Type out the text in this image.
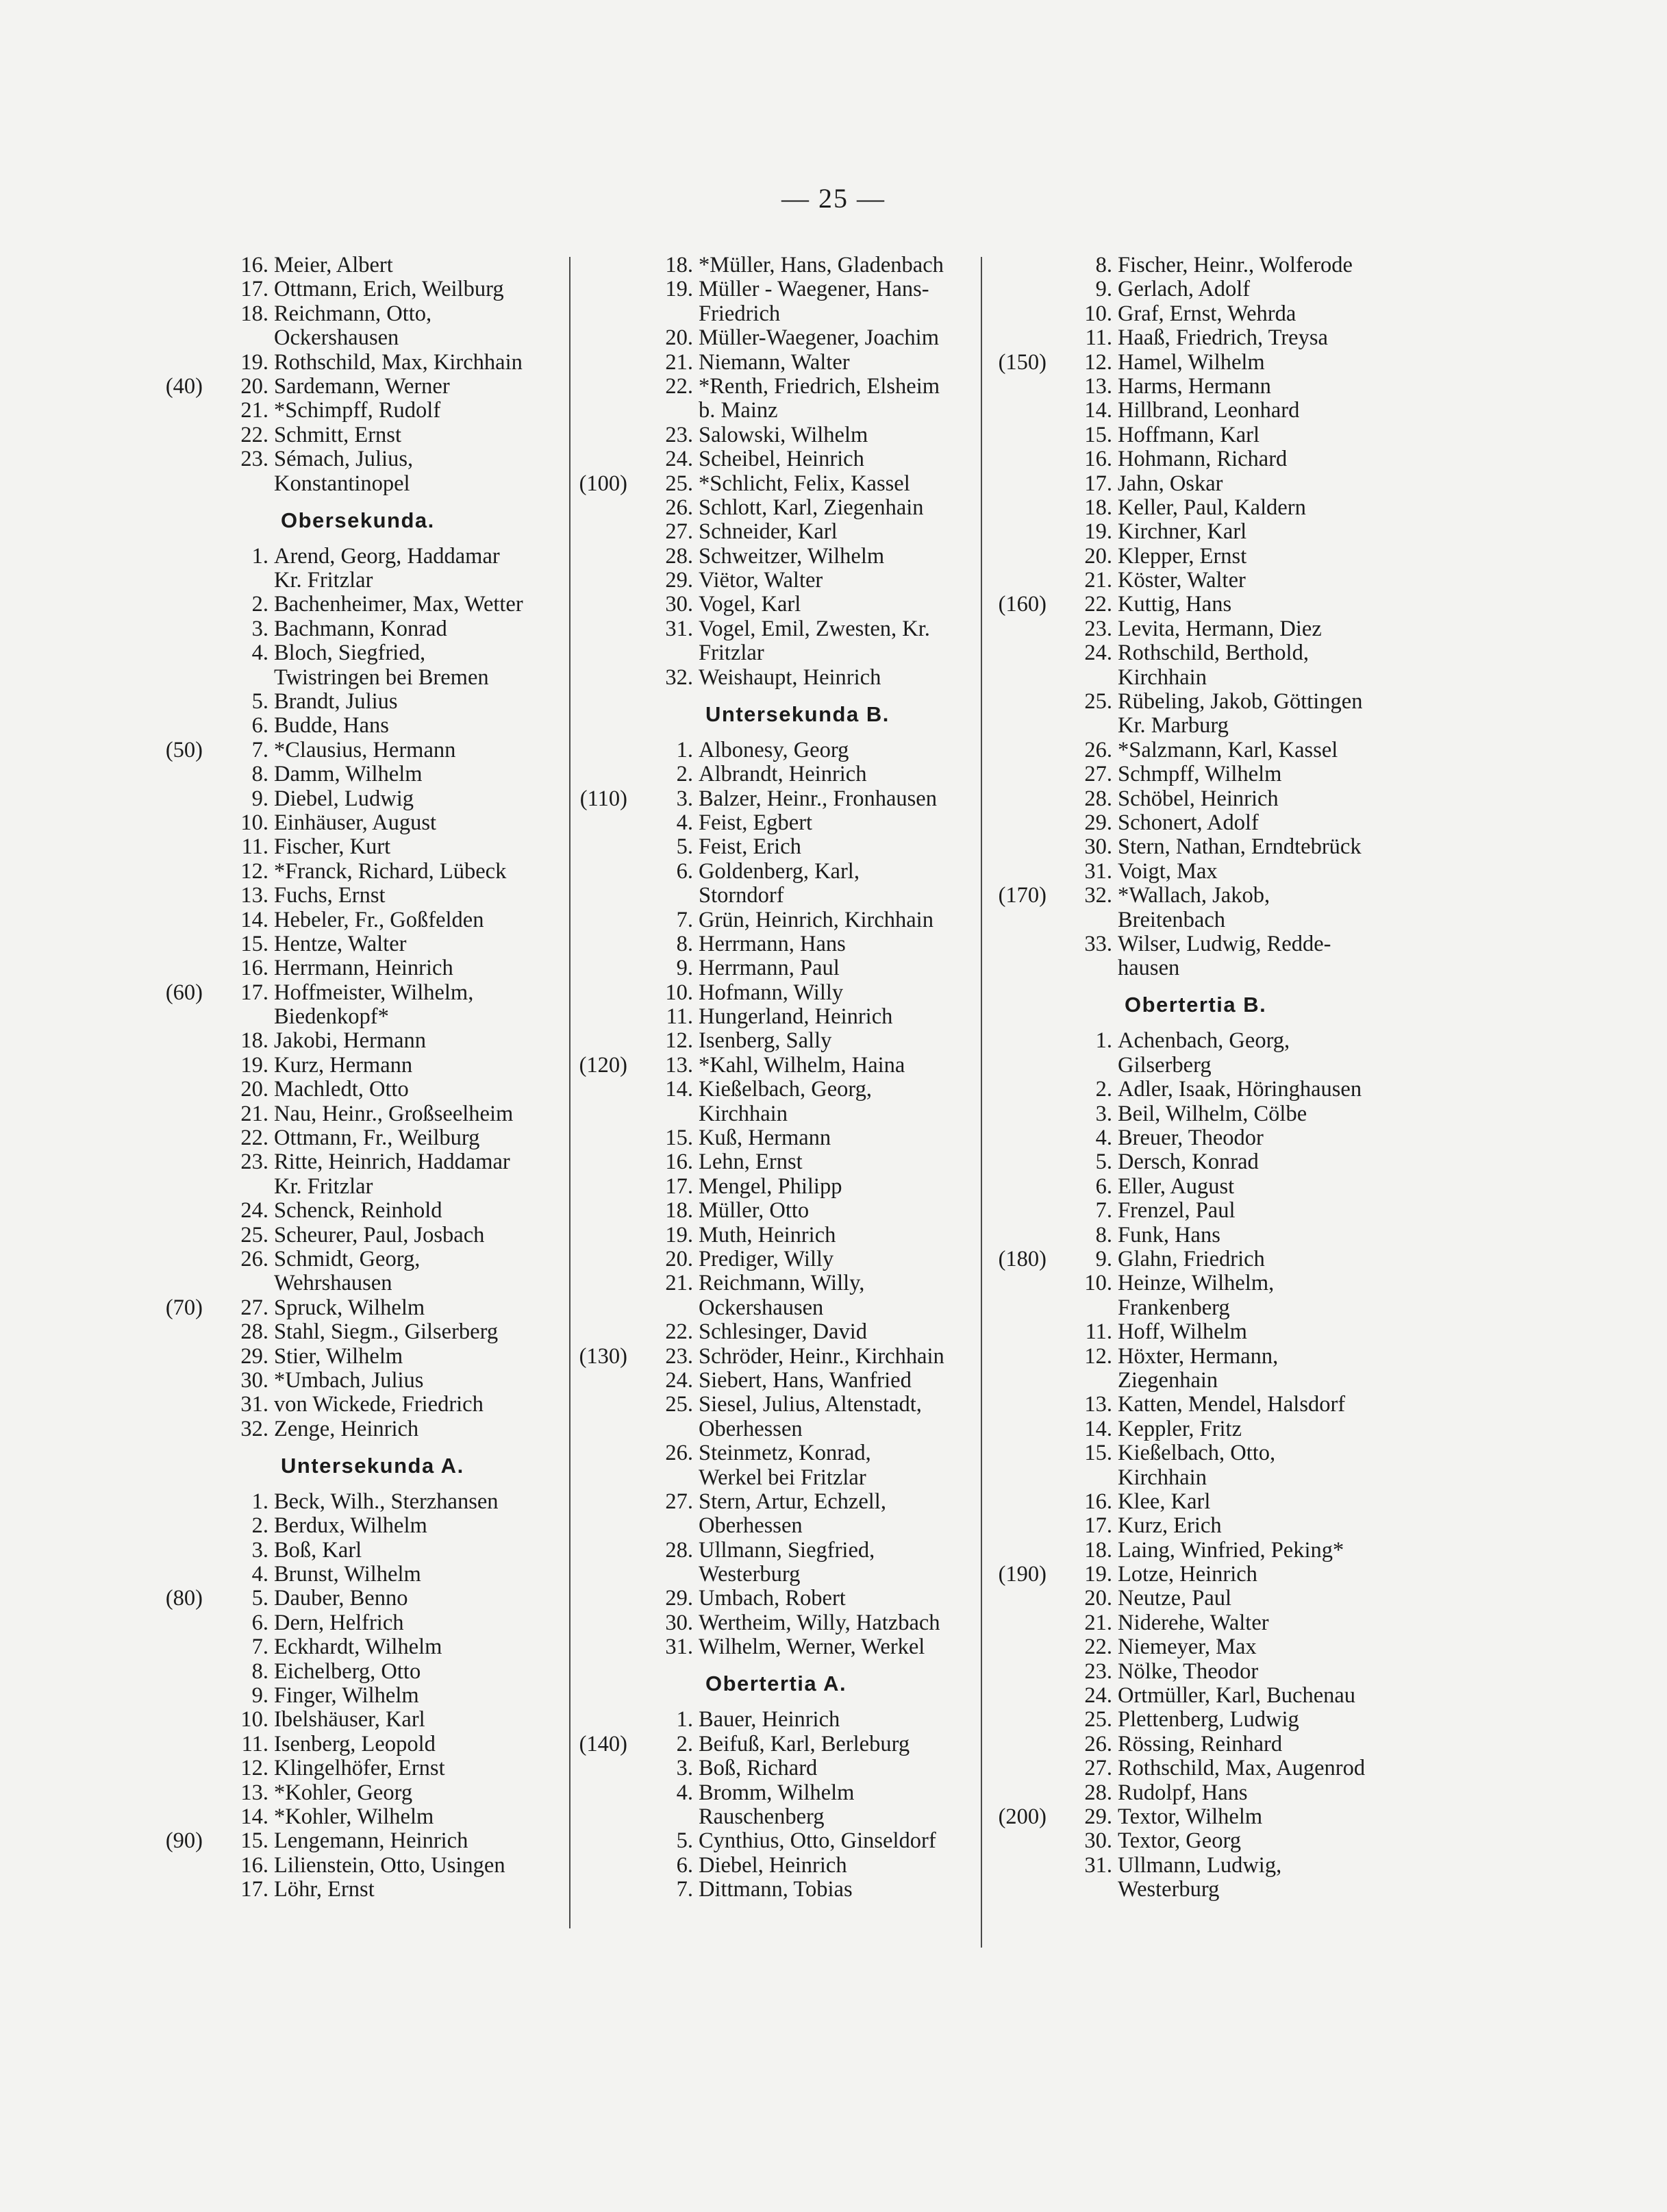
— 25 —
16. Meier, Albert
17. Ottmann, Erich, Weilburg
18. Reichmann, Otto,
Ockershausen
19. Rothschild, Max, Kirchhain
(40)	20. Sardemann, Werner
21. *Schimpff, Rudolf
22. Schmitt, Ernst
23. Sémach, Julius,
Konstantinopel
Obersekunda.
1. Arend, Georg, Haddamar
Kr. Fritzlar
2. Bachenheimer, Max, Wetter
3. Bachmann, Konrad
4. Bloch, Siegfried,
Twistringen bei Bremen
5. Brandt, Julius
6. Budde, Hans
(50)	7. *Clausius, Hermann
8. Damm, Wilhelm
9. Diebel, Ludwig
10. Einhäuser, August
11. Fischer, Kurt
12. *Franck, Richard, Lübeck
13. Fuchs, Ernst
14. Hebeler, Fr., Goßfelden
15. Hentze, Walter
16. Herrmann, Heinrich
(60)	17. Hoffmeister, Wilhelm,
Biedenkopf*
18. Jakobi, Hermann
19. Kurz, Hermann
20. Machledt, Otto
21. Nau, Heinr., Großseelheim
22. Ottmann, Fr., Weilburg
23. Ritte, Heinrich, Haddamar
Kr. Fritzlar
24. Schenck, Reinhold
25. Scheurer, Paul, Josbach
26. Schmidt, Georg,
Wehrshausen
(70)	27. Spruck, Wilhelm
28. Stahl, Siegm., Gilserberg
29. Stier, Wilhelm
30. *Umbach, Julius
31. von Wickede, Friedrich
32. Zenge, Heinrich
Untersekunda A.
1. Beck, Wilh., Sterzhansen
2. Berdux, Wilhelm
3. Boß, Karl
4. Brunst, Wilhelm
(80)	5. Dauber, Benno
6. Dern, Helfrich
7. Eckhardt, Wilhelm
8. Eichelberg, Otto
9. Finger, Wilhelm
10. Ibelshäuser, Karl
11. Isenberg, Leopold
12. Klingelhöfer, Ernst
13. *Kohler, Georg
14. *Kohler, Wilhelm
(90)	15. Lengemann, Heinrich
16. Lilienstein, Otto, Usingen
17. Löhr, Ernst
18. *Müller, Hans, Gladenbach
19. Müller - Waegener, Hans-
Friedrich
20. Müller-Waegener, Joachim
21. Niemann, Walter
22. *Renth, Friedrich, Elsheim
b. Mainz
23. Salowski, Wilhelm
24. Scheibel, Heinrich
(100)	25. *Schlicht, Felix, Kassel
26. Schlott, Karl, Ziegenhain
27. Schneider, Karl
28. Schweitzer, Wilhelm
29. Viëtor, Walter
30. Vogel, Karl
31. Vogel, Emil, Zwesten, Kr.
Fritzlar
32. Weishaupt, Heinrich
Untersekunda B.
1. Albonesy, Georg
2. Albrandt, Heinrich
(110)	3. Balzer, Heinr., Fronhausen
4. Feist, Egbert
5. Feist, Erich
6. Goldenberg, Karl,
Storndorf
7. Grün, Heinrich, Kirchhain
8. Herrmann, Hans
9. Herrmann, Paul
10. Hofmann, Willy
11. Hungerland, Heinrich
12. Isenberg, Sally
(120)	13. *Kahl, Wilhelm, Haina
14. Kießelbach, Georg,
Kirchhain
15. Kuß, Hermann
16. Lehn, Ernst
17. Mengel, Philipp
18. Müller, Otto
19. Muth, Heinrich
20. Prediger, Willy
21. Reichmann, Willy,
Ockershausen
22. Schlesinger, David
(130)	23. Schröder, Heinr., Kirchhain
24. Siebert, Hans, Wanfried
25. Siesel, Julius, Altenstadt,
Oberhessen
26. Steinmetz, Konrad,
Werkel bei Fritzlar
27. Stern, Artur, Echzell,
Oberhessen
28. Ullmann, Siegfried,
Westerburg
29. Umbach, Robert
30. Wertheim, Willy, Hatzbach
31. Wilhelm, Werner, Werkel
Obertertia A.
1. Bauer, Heinrich
(140)	2. Beifuß, Karl, Berleburg
3. Boß, Richard
4. Bromm, Wilhelm
Rauschenberg
5. Cynthius, Otto, Ginseldorf
6. Diebel, Heinrich
7. Dittmann, Tobias
8. Fischer, Heinr., Wolferode
9. Gerlach, Adolf
10. Graf, Ernst, Wehrda
11. Haaß, Friedrich, Treysa
(150)	12. Hamel, Wilhelm
13. Harms, Hermann
14. Hillbrand, Leonhard
15. Hoffmann, Karl
16. Hohmann, Richard
17. Jahn, Oskar
18. Keller, Paul, Kaldern
19. Kirchner, Karl
20. Klepper, Ernst
21. Köster, Walter
(160)	22. Kuttig, Hans
23. Levita, Hermann, Diez
24. Rothschild, Berthold,
Kirchhain
25. Rübeling, Jakob, Göttingen
Kr. Marburg
26. *Salzmann, Karl, Kassel
27. Schmpff, Wilhelm
28. Schöbel, Heinrich
29. Schonert, Adolf
30. Stern, Nathan, Erndtebrück
31. Voigt, Max
(170)	32. *Wallach, Jakob,
Breitenbach
33. Wilser, Ludwig, Redde-
hausen
Obertertia B.
1. Achenbach, Georg,
Gilserberg
2. Adler, Isaak, Höringhausen
3. Beil, Wilhelm, Cölbe
4. Breuer, Theodor
5. Dersch, Konrad
6. Eller, August
7. Frenzel, Paul
8. Funk, Hans
(180)	9. Glahn, Friedrich
10. Heinze, Wilhelm,
Frankenberg
11. Hoff, Wilhelm
12. Höxter, Hermann,
Ziegenhain
13. Katten, Mendel, Halsdorf
14. Keppler, Fritz
15. Kießelbach, Otto,
Kirchhain
16. Klee, Karl
17. Kurz, Erich
18. Laing, Winfried, Peking*
(190)	19. Lotze, Heinrich
20. Neutze, Paul
21. Niderehe, Walter
22. Niemeyer, Max
23. Nölke, Theodor
24. Ortmüller, Karl, Buchenau
25. Plettenberg, Ludwig
26. Rössing, Reinhard
27. Rothschild, Max, Augenrod
28. Rudolpf, Hans
(200)	29. Textor, Wilhelm
30. Textor, Georg
31. Ullmann, Ludwig,
Westerburg
